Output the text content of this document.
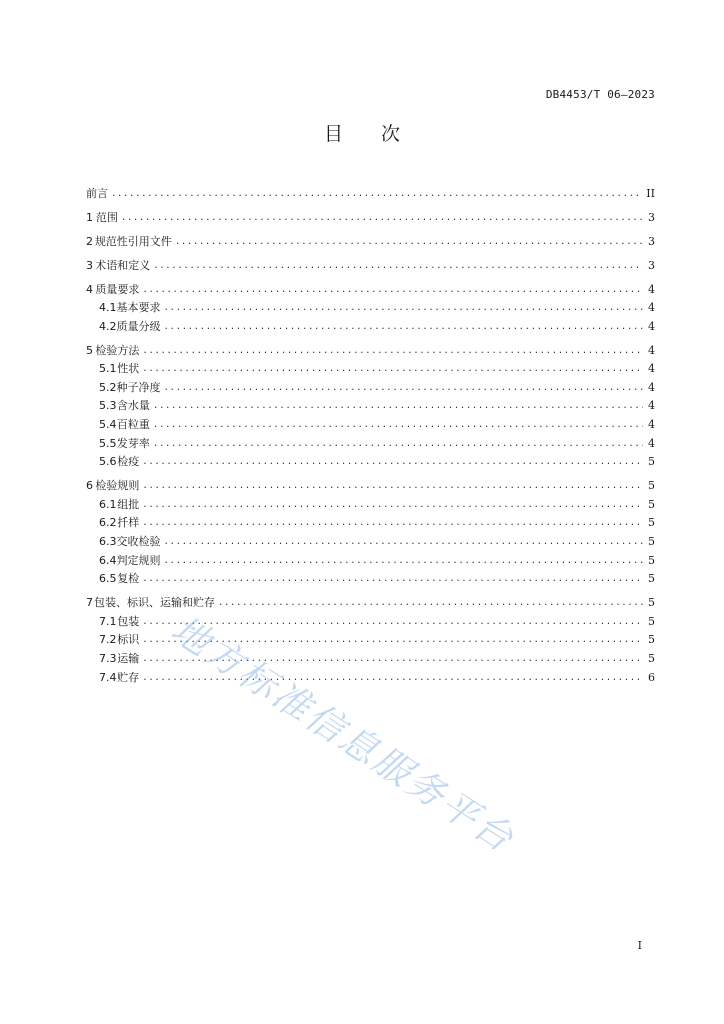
DB4453/T 06—2023
目　　次
前言 .....	II
1 范围 .....	3
2 规范性引用文件 .....	3
3 术语和定义 .....	3
4 质量要求 .....	4
4.1 基本要求 .....	4
4.2 质量分级 .....	4
5 检验方法 .....	4
5.1 性状 .....	4
5.2 种子净度 .....	4
5.3 含水量 .....	4
5.4 百粒重 .....	4
5.5 发芽率 .....	4
5.6 检疫 .....	5
6 检验规则 .....	5
6.1 组批 .....	5
6.2 扦样 .....	5
6.3 交收检验 .....	5
6.4 判定规则 .....	5
6.5 复检 .....	5
7 包装、标识、运输和贮存 .....	5
7.1 包装 .....	5
7.2 标识 .....	5
7.3 运输 .....	5
7.4 贮存 .....	6
地方标准信息服务平台
I
